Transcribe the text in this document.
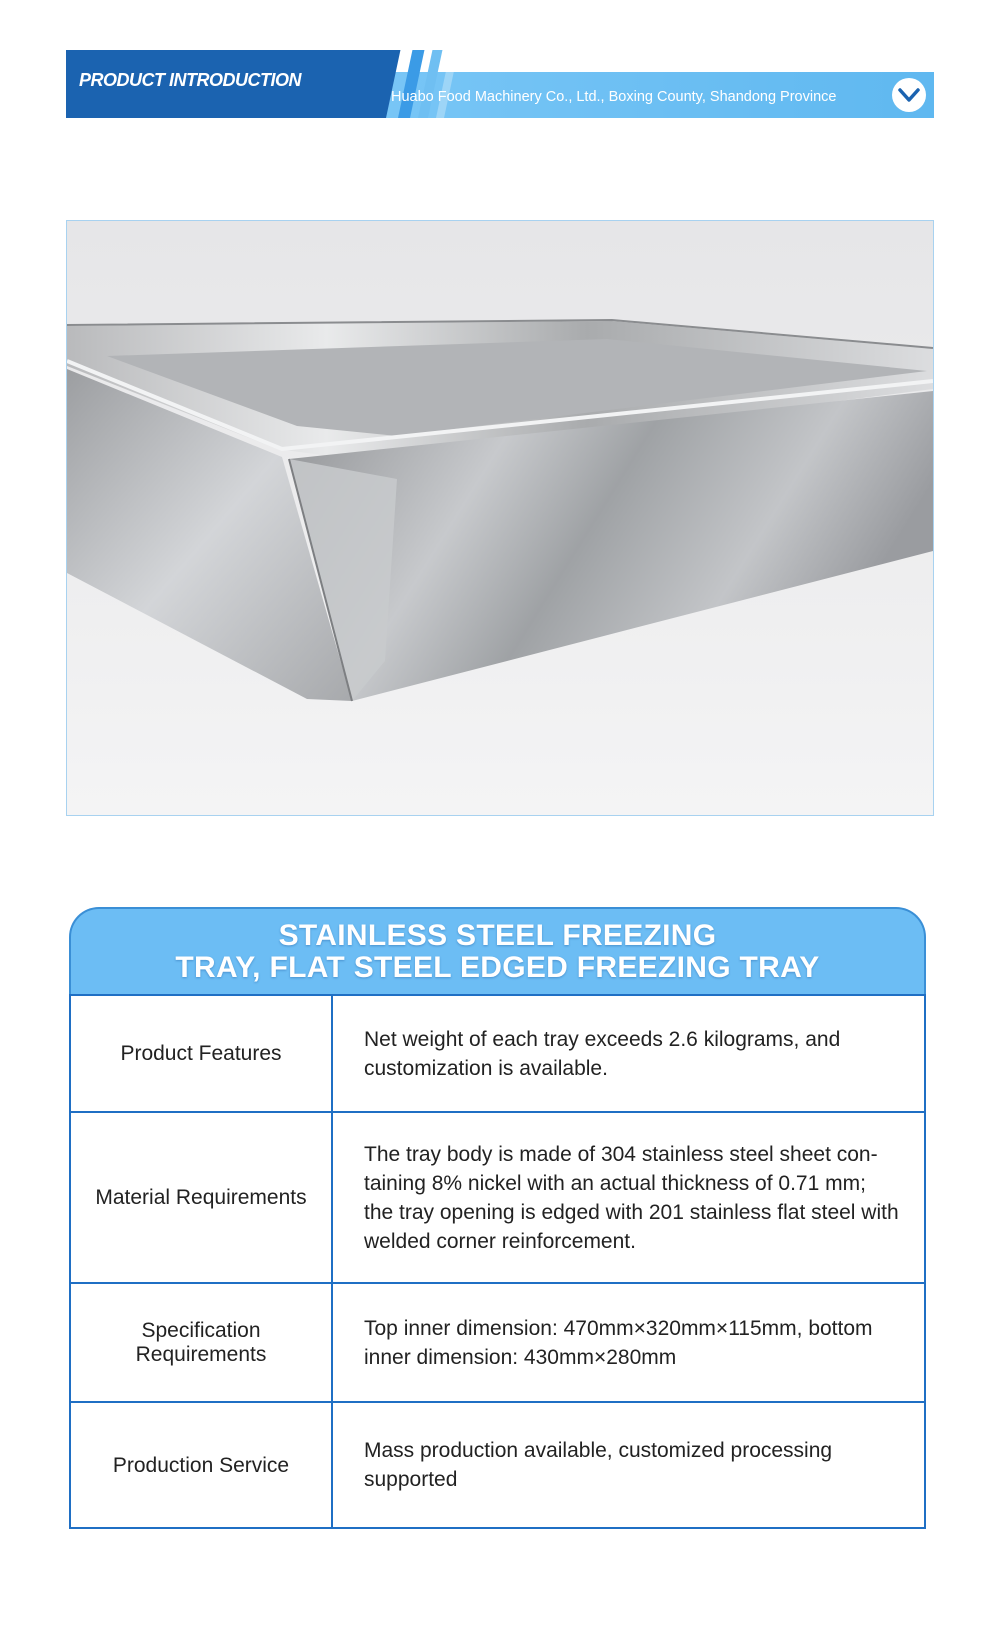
PRODUCT INTRODUCTION
Huabo Food Machinery Co., Ltd., Boxing County, Shandong Province
STAINLESS STEEL FREEZING
TRAY, FLAT STEEL EDGED FREEZING TRAY
Product Features	Net weight of each tray exceeds 2.6 kilograms, and customization is available.
Material Requirements	The tray body is made of 304 stainless steel sheet con-taining 8% nickel with an actual thickness of 0.71 mm; the tray opening is edged with 201 stainless flat steel with welded corner reinforcement.
Specification Requirements	Top inner dimension: 470mm×320mm×115mm, bottom inner dimension: 430mm×280mm
Production Service	Mass production available, customized processing supported
